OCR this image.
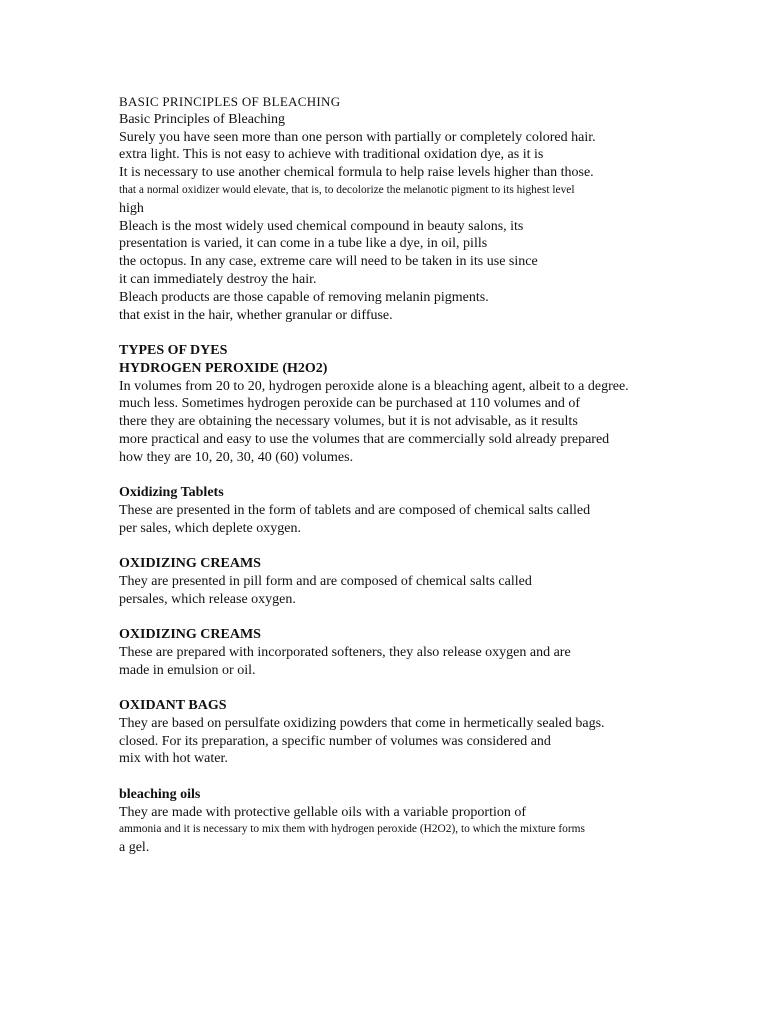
BASIC PRINCIPLES OF BLEACHING
Basic Principles of Bleaching
Surely you have seen more than one person with partially or completely colored hair.
extra light. This is not easy to achieve with traditional oxidation dye, as it is
It is necessary to use another chemical formula to help raise levels higher than those.
that a normal oxidizer would elevate, that is, to decolorize the melanotic pigment to its highest level
high
Bleach is the most widely used chemical compound in beauty salons, its
presentation is varied, it can come in a tube like a dye, in oil, pills
the octopus. In any case, extreme care will need to be taken in its use since
it can immediately destroy the hair.
Bleach products are those capable of removing melanin pigments.
that exist in the hair, whether granular or diffuse.
TYPES OF DYES
HYDROGEN PEROXIDE (H2O2)
In volumes from 20 to 20, hydrogen peroxide alone is a bleaching agent, albeit to a degree.
much less. Sometimes hydrogen peroxide can be purchased at 110 volumes and of
there they are obtaining the necessary volumes, but it is not advisable, as it results
more practical and easy to use the volumes that are commercially sold already prepared
how they are 10, 20, 30, 40 (60) volumes.
Oxidizing Tablets
These are presented in the form of tablets and are composed of chemical salts called
per sales, which deplete oxygen.
OXIDIZING CREAMS
They are presented in pill form and are composed of chemical salts called
persales, which release oxygen.
OXIDIZING CREAMS
These are prepared with incorporated softeners, they also release oxygen and are
made in emulsion or oil.
OXIDANT BAGS
They are based on persulfate oxidizing powders that come in hermetically sealed bags.
closed. For its preparation, a specific number of volumes was considered and
mix with hot water.
bleaching oils
They are made with protective gellable oils with a variable proportion of
ammonia and it is necessary to mix them with hydrogen peroxide (H2O2), to which the mixture forms
a gel.
